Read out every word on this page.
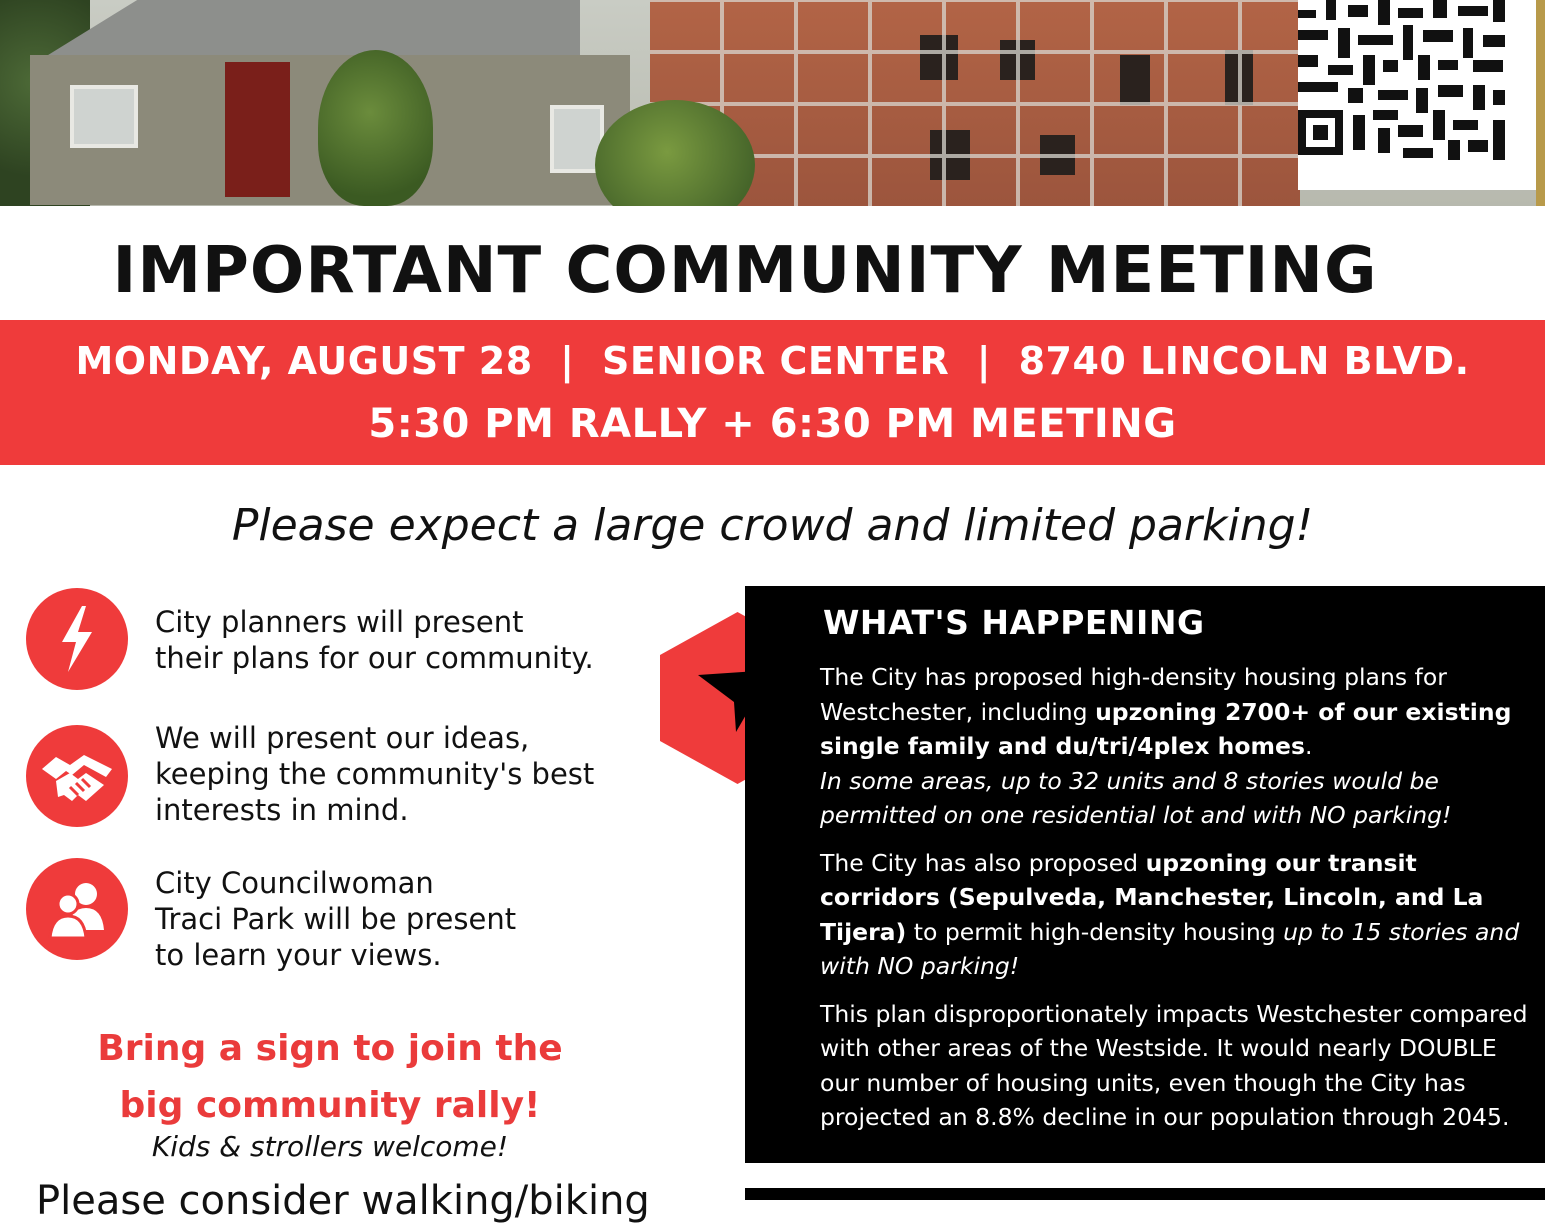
IMPORTANT COMMUNITY MEETING
MONDAY, AUGUST 28  |  SENIOR CENTER  |  8740 LINCOLN BLVD.
5:30 PM RALLY + 6:30 PM MEETING
Please expect a large crowd and limited parking!
City planners will present
their plans for our community.
We will present our ideas,
keeping the community's best
interests in mind.
City Councilwoman
Traci Park will be present
to learn your views.
Bring a sign to join the
big community rally!
Kids & strollers welcome!
Please consider walking/biking
WHAT'S HAPPENING

The City has proposed high-density housing plans for Westchester, including upzoning 2700+ of our existing single family and du/tri/4plex homes.
In some areas, up to 32 units and 8 stories would be permitted on one residential lot and with NO parking!

The City has also proposed upzoning our transit corridors (Sepulveda, Manchester, Lincoln, and La Tijera) to permit high-density housing up to 15 stories and with NO parking!

This plan disproportionately impacts Westchester compared with other areas of the Westside. It would nearly DOUBLE our number of housing units, even though the City has projected an 8.8% decline in our population through 2045.
